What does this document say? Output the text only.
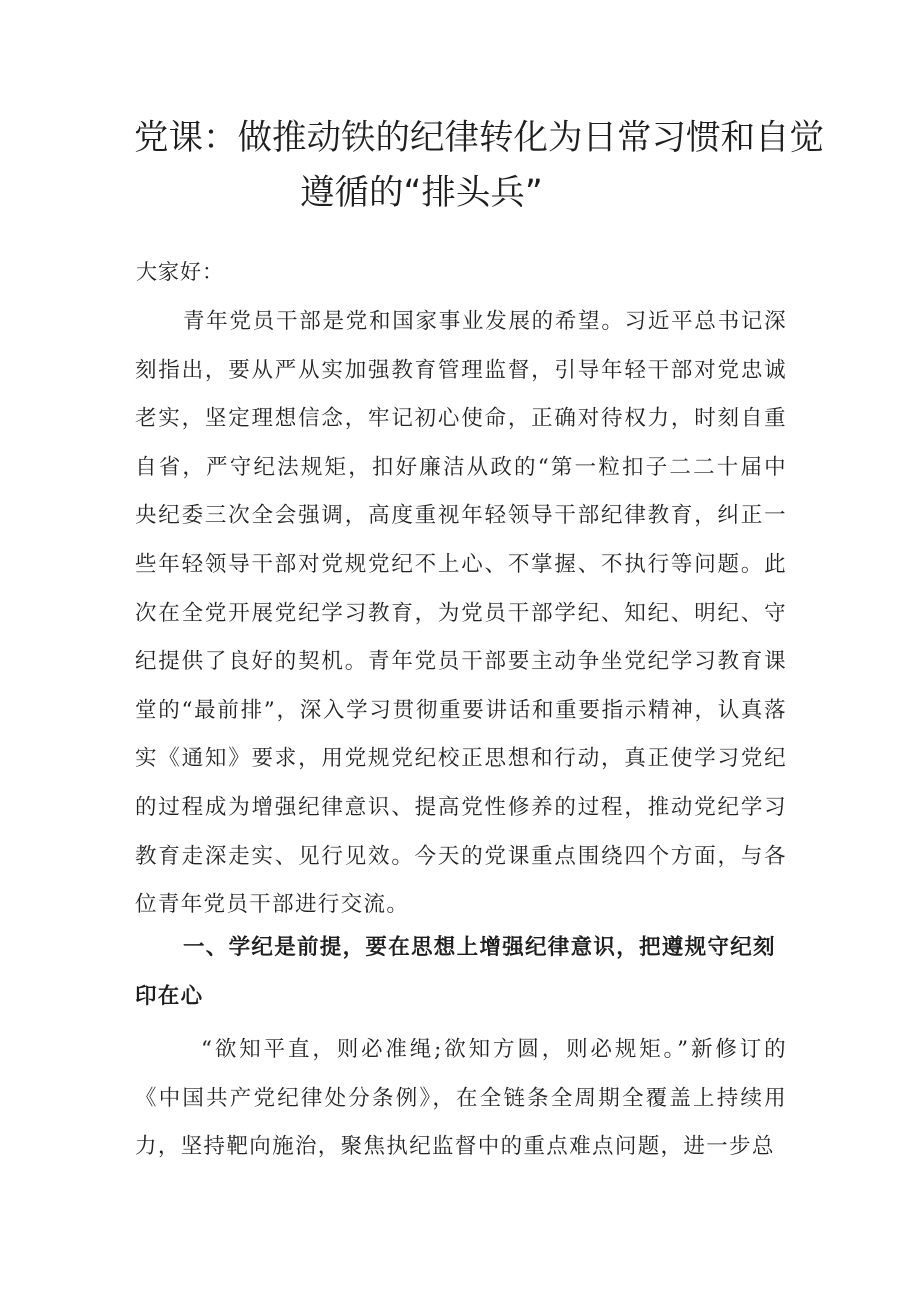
党课：做推动铁的纪律转化为日常习惯和自觉
遵循的“排头兵”
大家好：

青年党员干部是党和国家事业发展的希望。习近平总书记深刻指出，要从严从实加强教育管理监督，引导年轻干部对党忠诚老实，坚定理想信念，牢记初心使命，正确对待权力，时刻自重自省，严守纪法规矩，扣好廉洁从政的“第一粒扣子二二十届中央纪委三次全会强调，高度重视年轻领导干部纪律教育，纠正一些年轻领导干部对党规党纪不上心、不掌握、不执行等问题。此次在全党开展党纪学习教育，为党员干部学纪、知纪、明纪、守纪提供了良好的契机。青年党员干部要主动争坐党纪学习教育课堂的“最前排”，深入学习贯彻重要讲话和重要指示精神，认真落实《通知》要求，用党规党纪校正思想和行动，真正使学习党纪的过程成为增强纪律意识、提高党性修养的过程，推动党纪学习教育走深走实、见行见效。今天的党课重点围绕四个方面，与各位青年党员干部进行交流。

一、学纪是前提，要在思想上增强纪律意识，把遵规守纪刻印在心

“欲知平直，则必准绳;欲知方圆，则必规矩。”新修订的《中国共产党纪律处分条例》，在全链条全周期全覆盖上持续用力，坚持靶向施治，聚焦执纪监督中的重点难点问题，进一步总
